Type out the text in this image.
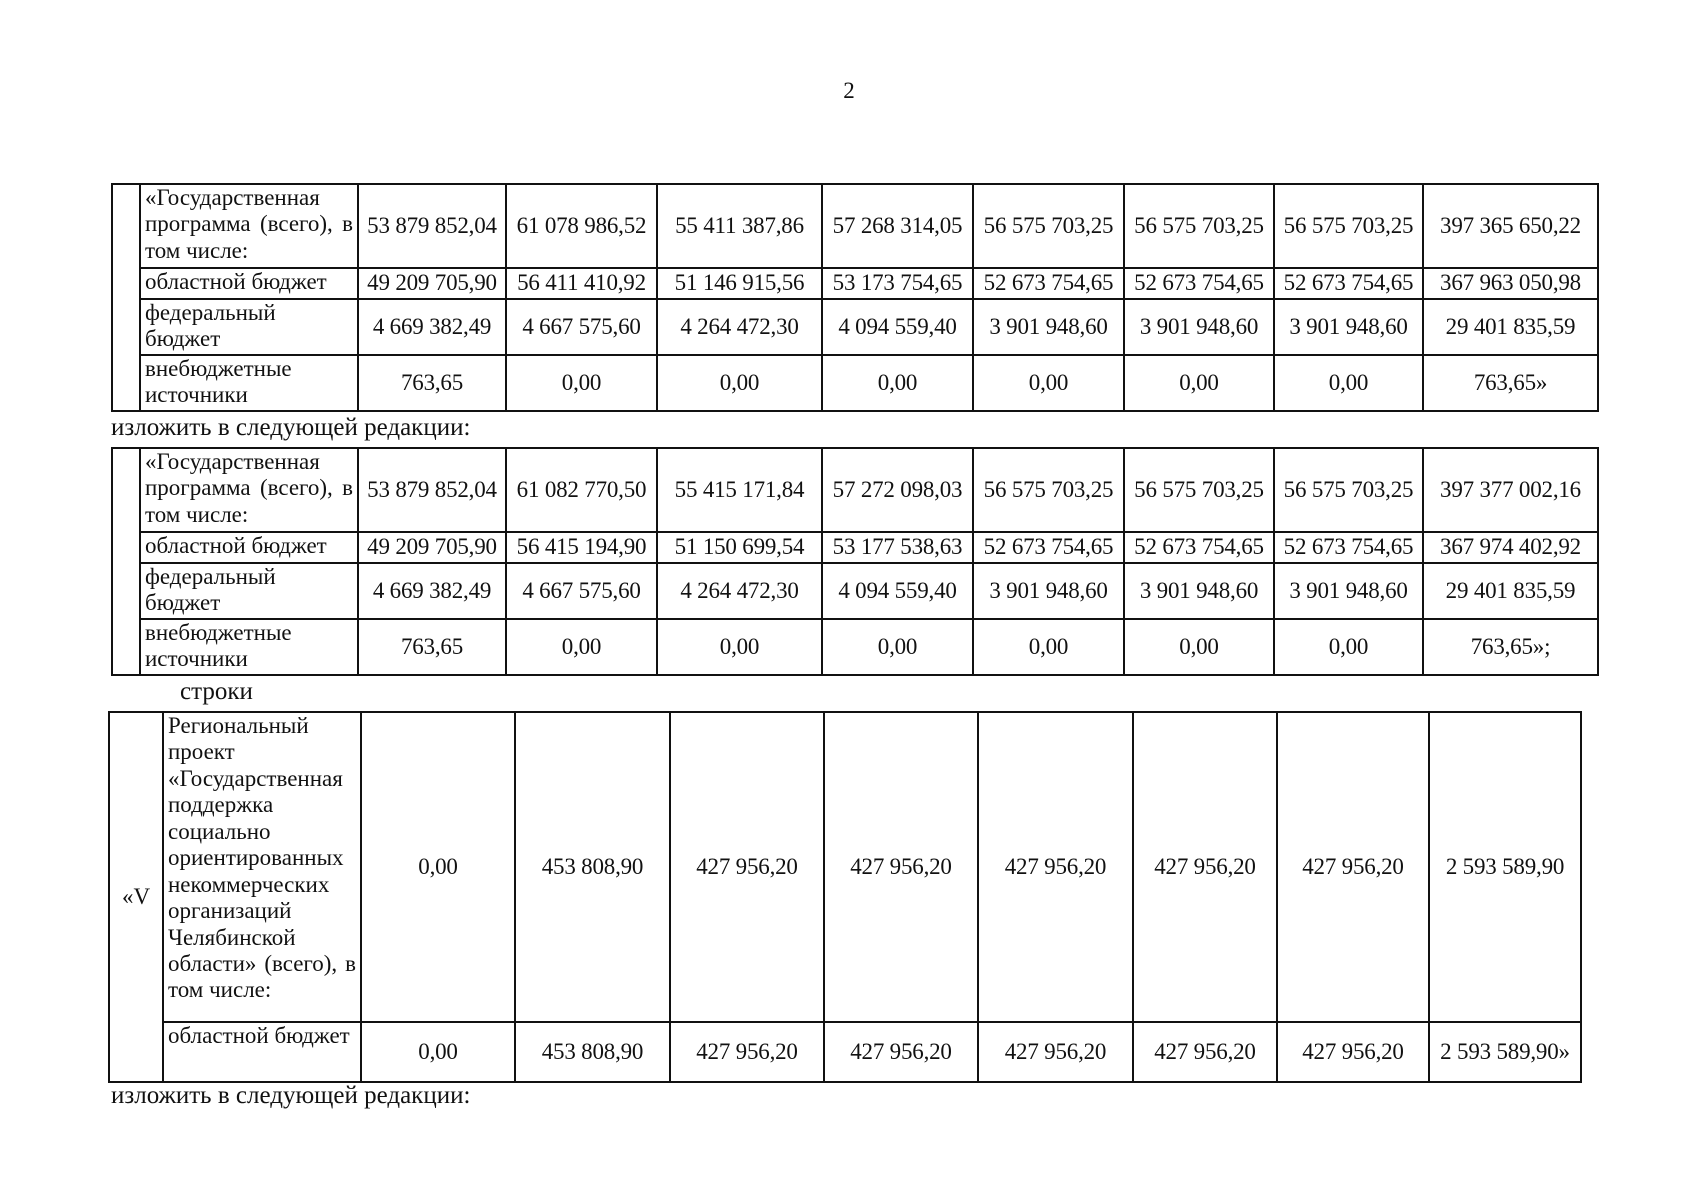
2
	«Государственная программа (всего), в том числе:	53 879 852,04	61 078 986,52	55 411 387,86	57 268 314,05	56 575 703,25	56 575 703,25	56 575 703,25	397 365 650,22
	областной бюджет	49 209 705,90	56 411 410,92	51 146 915,56	53 173 754,65	52 673 754,65	52 673 754,65	52 673 754,65	367 963 050,98
	федеральный бюджет	4 669 382,49	4 667 575,60	4 264 472,30	4 094 559,40	3 901 948,60	3 901 948,60	3 901 948,60	29 401 835,59
	внебюджетные источники	763,65	0,00	0,00	0,00	0,00	0,00	0,00	763,65»
изложить в следующей редакции:
	«Государственная программа (всего), в том числе:	53 879 852,04	61 082 770,50	55 415 171,84	57 272 098,03	56 575 703,25	56 575 703,25	56 575 703,25	397 377 002,16
	областной бюджет	49 209 705,90	56 415 194,90	51 150 699,54	53 177 538,63	52 673 754,65	52 673 754,65	52 673 754,65	367 974 402,92
	федеральный бюджет	4 669 382,49	4 667 575,60	4 264 472,30	4 094 559,40	3 901 948,60	3 901 948,60	3 901 948,60	29 401 835,59
	внебюджетные источники	763,65	0,00	0,00	0,00	0,00	0,00	0,00	763,65»;
строки
«V	Региональный проект «Государственная поддержка социально ориентированных некоммерческих организаций Челябинской области» (всего), в том числе:	0,00	453 808,90	427 956,20	427 956,20	427 956,20	427 956,20	427 956,20	2 593 589,90
	областной бюджет	0,00	453 808,90	427 956,20	427 956,20	427 956,20	427 956,20	427 956,20	2 593 589,90»
изложить в следующей редакции:
